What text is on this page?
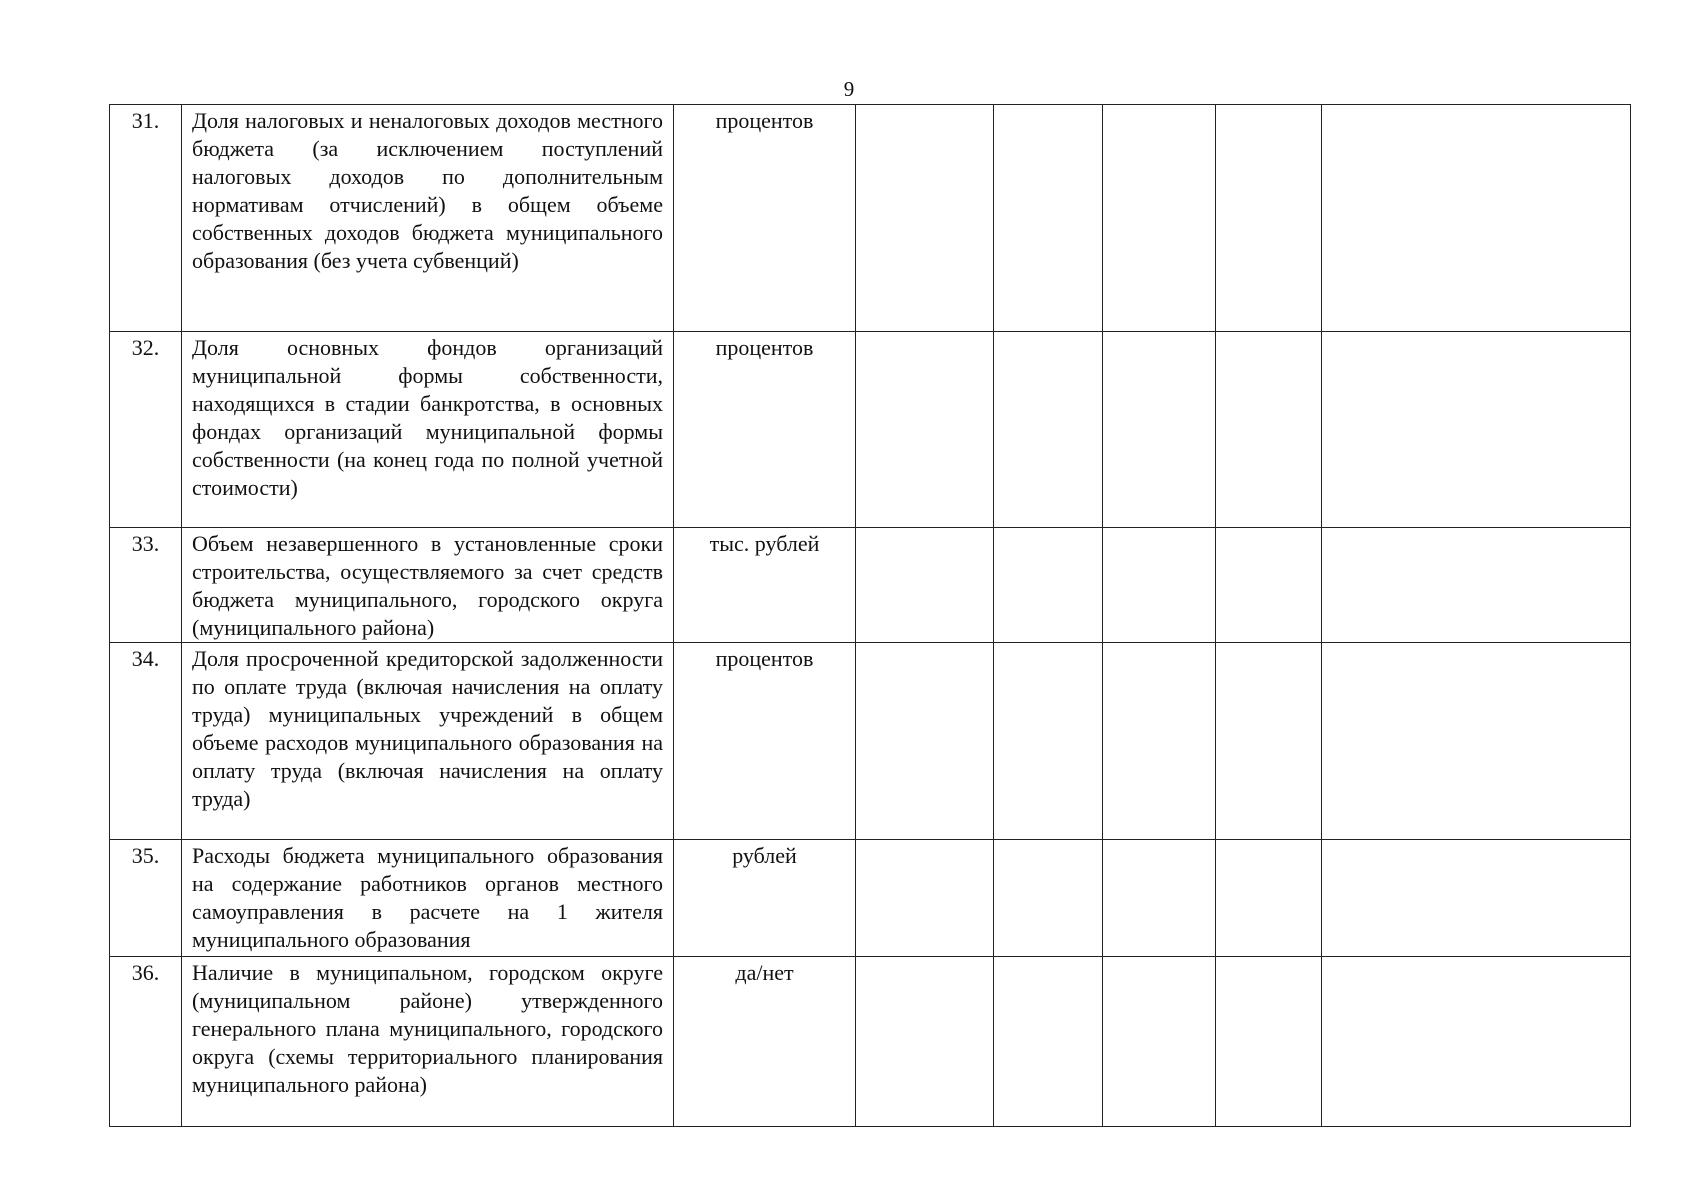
9
31.	Доля налоговых и неналоговых доходов местного бюджета (за исключением поступлений налоговых доходов по дополнительным нормативам отчислений) в общем объеме собственных доходов бюджета муниципального образования (без учета субвенций)	процентов					
32.	Доля основных фондов организаций муниципальной формы собственности, находящихся в стадии банкротства, в основных фондах организаций муниципальной формы собственности (на конец года по полной учетной стоимости)	процентов					
33.	Объем незавершенного в установленные сроки строительства, осуществляемого за счет средств бюджета муниципального, городского округа (муниципального района)	тыс. рублей					
34.	Доля просроченной кредиторской задолженности по оплате труда (включая начисления на оплату труда) муниципальных учреждений в общем объеме расходов муниципального образования на оплату труда (включая начисления на оплату труда)	процентов					
35.	Расходы бюджета муниципального образования на содержание работников органов местного самоуправления в расчете на 1 жителя муниципального образования	рублей					
36.	Наличие в муниципальном, городском округе (муниципальном районе) утвержденного генерального плана муниципального, городского округа (схемы территориального планирования муниципального района)	да/нет					
